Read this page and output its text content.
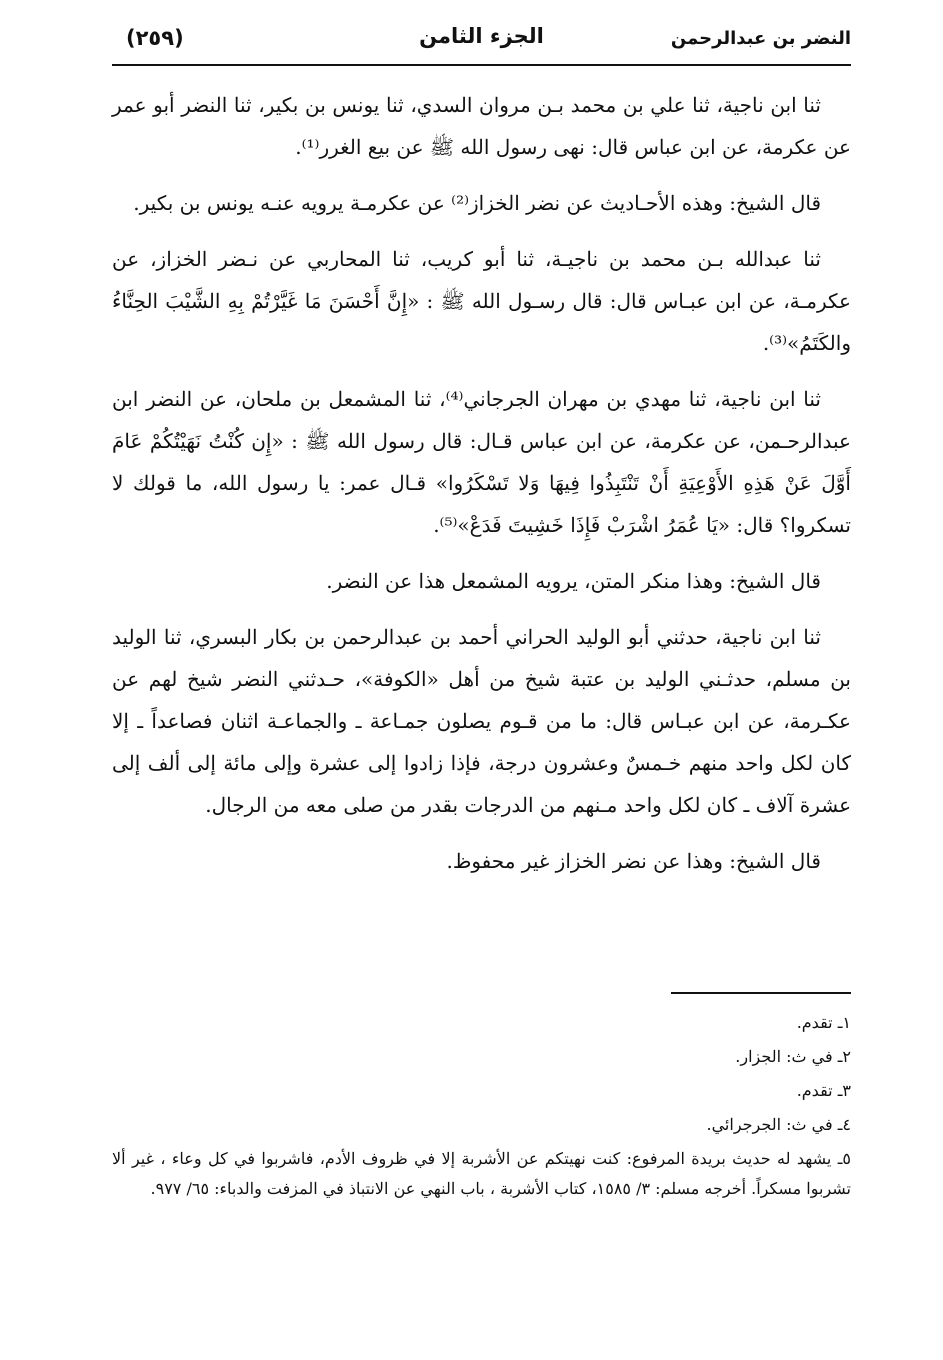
النضر بن عبدالرحمن
الجزء الثامن
(٢٥٩)

ثنا ابن ناجية، ثنا علي بن محمد بـن مروان السدي، ثنا يونس بن بكير، ثنا النضر أبو عمر عن عكرمة، عن ابن عباس قال: نهى رسول الله ﷺ عن بيع الغرر⁽¹⁾.

قال الشيخ: وهذه الأحـاديث عن نضر الخزاز⁽²⁾ عن عكرمـة يرويه عنـه يونس بن بكير.

ثنا عبدالله بـن محمد بن ناجيـة، ثنا أبو كريب، ثنا المحاربي عن نـضر الخزاز، عن عكرمـة، عن ابن عبـاس قال: قال رسـول الله ﷺ : «إِنَّ أَحْسَنَ مَا غَيَّرْتُمْ بِهِ الشَّيْبَ الحِنَّاءُ والكَتَمُ»⁽³⁾.

ثنا ابن ناجية، ثنا مهدي بن مهران الجرجاني⁽⁴⁾، ثنا المشمعل بن ملحان، عن النضر ابن عبدالرحـمن، عن عكرمة، عن ابن عباس قـال: قال رسول الله ﷺ : «إِن كُنْتُ نَهَيْتُكُمْ عَامَ أَوَّلَ عَنْ هَذِهِ الأَوْعِيَةِ أَنْ تَنْتَبِذُوا فِيهَا وَلا تَسْكَرُوا» قـال عمر: يا رسول الله، ما قولك لا تسكروا؟ قال: «يَا عُمَرُ اشْرَبْ فَإِذَا خَشِيتَ فَدَعْ»⁽⁵⁾.

قال الشيخ: وهذا منكر المتن، يرويه المشمعل هذا عن النضر.

ثنا ابن ناجية، حدثني أبو الوليد الحراني أحمد بن عبدالرحمن بن بكار البسري، ثنا الوليد بن مسلم، حدثـني الوليد بن عتبة شيخ من أهل «الكوفة»، حـدثني النضر شيخ لهم عن عكـرمة، عن ابن عبـاس قال: ما من قـوم يصلون جمـاعة ـ والجماعـة اثنان فصاعداً ـ إلا كان لكل واحد منهم خـمسٌ وعشرون درجة، فإذا زادوا إلى عشرة وإلى مائة إلى ألف إلى عشرة آلاف ـ كان لكل واحد مـنهم من الدرجات بقدر من صلى معه من الرجال.

قال الشيخ: وهذا عن نضر الخزاز غير محفوظ.

١ـ تقدم.

٢ـ في ث: الجزار.

٣ـ تقدم.

٤ـ في ث: الجرجرائي.

٥ـ يشهد له حديث بريدة المرفوع: كنت نهيتكم عن الأشربة إلا في ظروف الأدم، فاشربوا في كل وعاء ، غير ألا تشربوا مسكراً. أخرجه مسلم: ٣/ ١٥٨٥، كتاب الأشربة ، باب النهي عن الانتباذ في المزفت والدباء: ٦٥/ ٩٧٧.
